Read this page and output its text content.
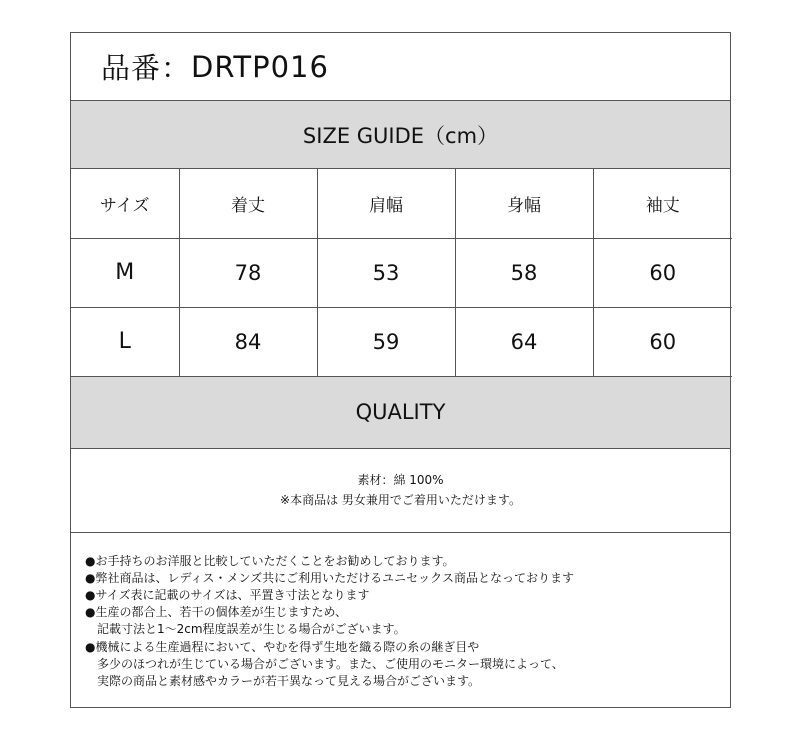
品番 ： DRTP016
SIZE GUIDE（cm）
サイズ	着丈	肩幅	身幅	袖丈
M	78	53	58	60
L	84	59	64	60
QUALITY
素材：綿 100%
※本商品は 男女兼用でご着用いただけます。
●お手持ちのお洋服と比較していただくことをお勧めしております。
●弊社商品は、レディス・メンズ共にご利用いただけるユニセックス商品となっております
●サイズ表に記載のサイズは、平置き寸法となります
●生産の都合上、若干の個体差が生じますため、
記載寸法と1～2cm程度誤差が生じる場合がございます。
●機械による生産過程において、やむを得ず生地を織る際の糸の継ぎ目や
多少のほつれが生じている場合がございます。また、ご使用のモニター環境によって、
実際の商品と素材感やカラーが若干異なって見える場合がございます。
